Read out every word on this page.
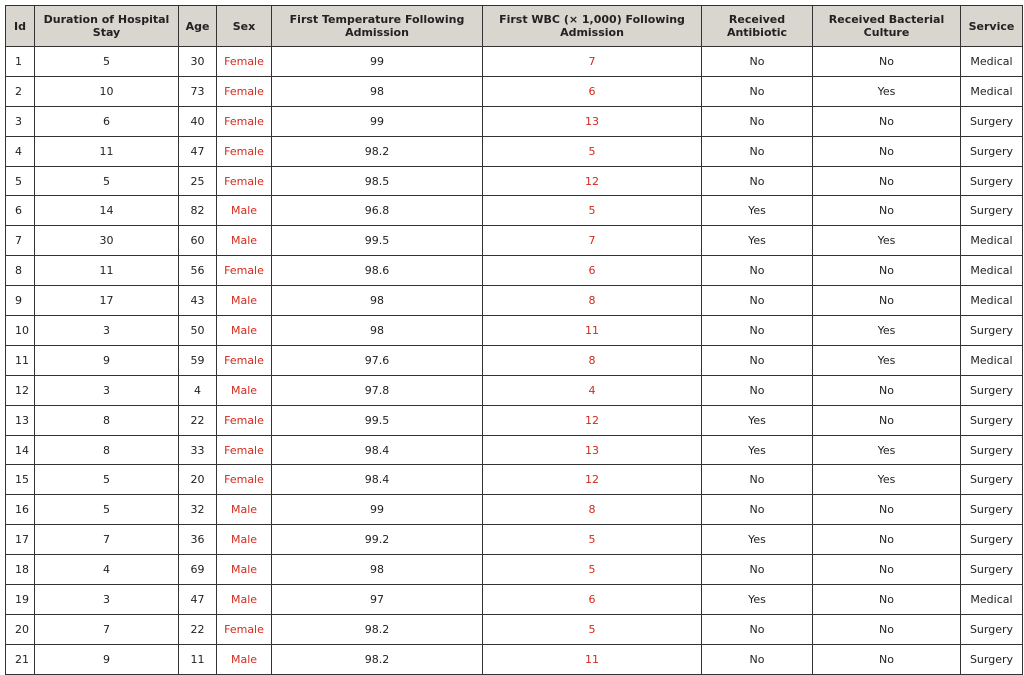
Id	Duration of Hospital Stay	Age	Sex	First Temperature Following Admission	First WBC (× 1,000) Following Admission	Received Antibiotic	Received Bacterial Culture	Service
1	5	30	Female	99	7	No	No	Medical
2	10	73	Female	98	6	No	Yes	Medical
3	6	40	Female	99	13	No	No	Surgery
4	11	47	Female	98.2	5	No	No	Surgery
5	5	25	Female	98.5	12	No	No	Surgery
6	14	82	Male	96.8	5	Yes	No	Surgery
7	30	60	Male	99.5	7	Yes	Yes	Medical
8	11	56	Female	98.6	6	No	No	Medical
9	17	43	Male	98	8	No	No	Medical
10	3	50	Male	98	11	No	Yes	Surgery
11	9	59	Female	97.6	8	No	Yes	Medical
12	3	4	Male	97.8	4	No	No	Surgery
13	8	22	Female	99.5	12	Yes	No	Surgery
14	8	33	Female	98.4	13	Yes	Yes	Surgery
15	5	20	Female	98.4	12	No	Yes	Surgery
16	5	32	Male	99	8	No	No	Surgery
17	7	36	Male	99.2	5	Yes	No	Surgery
18	4	69	Male	98	5	No	No	Surgery
19	3	47	Male	97	6	Yes	No	Medical
20	7	22	Female	98.2	5	No	No	Surgery
21	9	11	Male	98.2	11	No	No	Surgery
